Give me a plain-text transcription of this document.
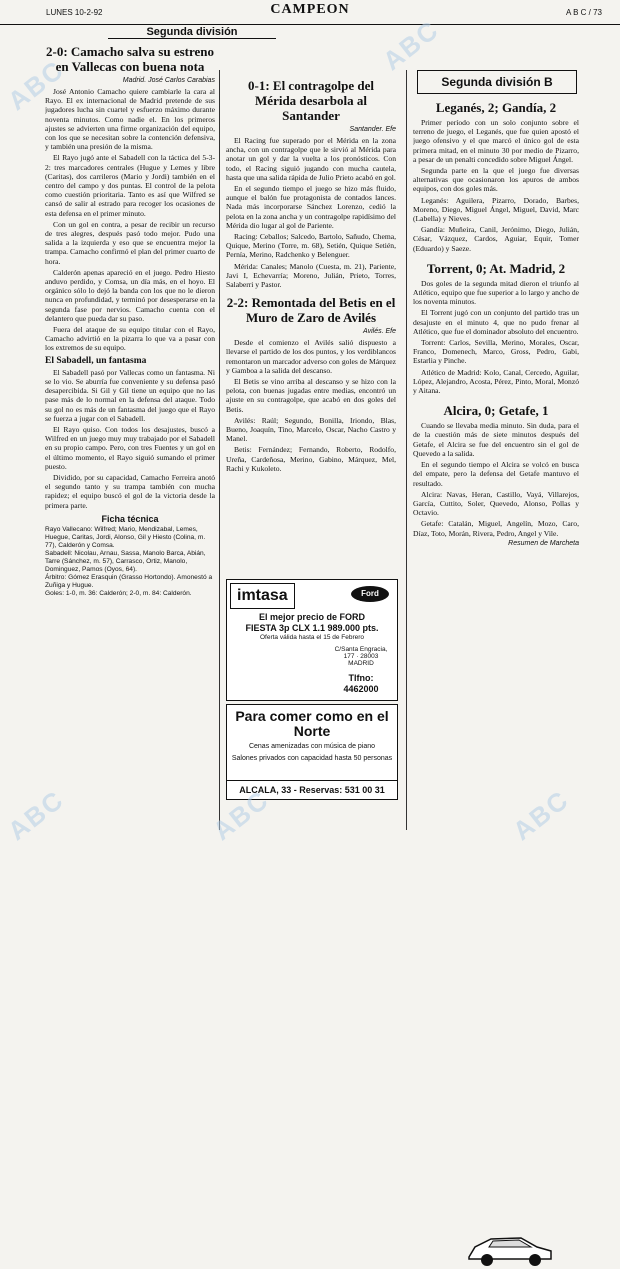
LUNES 10-2-92	CAMPEON	A B C / 73
Segunda división
Segunda división B
2-0: Camacho salva su estreno en Vallecas con buena nota
Madrid. José Carlos Carabias

José Antonio Camacho quiere cambiarle la cara al Rayo. El ex internacional de Madrid pretende de sus jugadores lucha sin cuartel y esfuerzo máximo durante noventa minutos. Como nadie el. En los primeros ajustes se advierten una firme organización del equipo, con los que se necesitan sobre la contención defensiva, y también una presión de la misma.

El Rayo jugó ante el Sabadell con la táctica del 5-3-2: tres marcadores centrales (Hugue y Lemes y libre (Caritas), dos carrileros (Mario y Jordi) también en el centro del campo y dos puntas. El control de la pelota como cuestión prioritaria. Tanto es así que Wilfred se cansó de salir al estrado para recoger los ocasiones de esta defensa en el primer minuto.

Con un gol en contra, a pesar de recibir un recurso de tres alegres, después pasó todo mejor. Pudo una salida a la izquierda y eso que se encuentra mejor la trampa. Camacho confirmó el plan del primer cuarto de hora.

Calderón apenas apareció en el juego. Pedro Hiesto anduvo perdido, y Comsa, un día más, en el hoyo. El orgánico sólo lo dejó la banda con los que no le dieron nunca en profundidad, y terminó por desesperarse en la segunda fase por nervios. Camacho cuenta con el delantero que pueda dar su paso.

Fuera del ataque de su equipo titular con el Rayo, Camacho advirtió en la pizarra lo que va a pasar con los extremos de su equipo.

El Sabadell, un fantasma

El Sabadell pasó por Vallecas como un fantasma. Ni se lo vio. Se aburría fue conveniente y su defensa pasó desapercibida. Si Gil y Gil tiene un equipo que no las pase más de lo normal en la defensa del ataque. Todo su gol no es más de un fantasma del juego que el Rayo se fuerza a jugar con el Sabadell.

El Rayo quiso. Con todos los desajustes, buscó a Wilfred en un juego muy muy trabajado por el Sabadell en su propio campo. Pero, con tres Fuentes y un gol en el último momento, el Rayo siguió sumando el primer puesto.

Dividido, por su capacidad, Camacho Ferreira anotó el segundo tanto y su trampa también con mucha rapidez; el equipo buscó el gol de la victoria desde la primera parte.

Ficha técnica
Rayo Vallecano: Wilfred; Mario, Mendizabal, Lemes, Huegue, Caritas, Jordi, Alonso, Gil y Hiesto (Colina, m. 77), Calderón y Comsa.
Sabadell: Nicolau, Arnau, Sassa, Manolo Barca, Abián, Tarre (Sánchez, m. 57), Carrasco, Ortiz, Manolo, Dominguez, Pamos (Oyos, 64).
Árbitro: Gómez Erasquin (Grasso Hortondo). Amonestó a Zuñiga y Hugue.
Goles: 1-0, m. 36: Calderón; 2-0, m. 84: Calderón.
0-1: El contragolpe del Mérida desarbola al Santander
Santander. Efe

El Racing fue superado por el Mérida en la zona ancha, con un contragolpe que le sirvió al Mérida para anotar un gol y dar la vuelta a los pronósticos. Con todo, el Racing siguió jugando con mucha cautela, hasta que una salida rápida de Julio Prieto acabó en gol.

En el segundo tiempo el juego se hizo más fluido, aunque el balón fue protagonista de contados lances. Nada más incorporarse Sánchez Lorenzo, cedió la pelota en la zona ancha y un contragolpe rapidísimo del Mérida dio lugar al gol de Pariente.

Racing: Ceballos; Salcedo, Bartolo, Sañudo, Chema, Quique, Merino (Torre, m. 68), Setién, Quique Setién, Pernía, Merino, Radchenko y Belenguer.

Mérida: Canales; Manolo (Cuesta, m. 21), Pariente, Javi I, Echevarría; Moreno, Julián, Prieto, Torres, Salaberri y Pastor.

2-2: Remontada del Betis en el Muro de Zaro de Avilés
Avilés. Efe

Desde el comienzo el Avilés salió dispuesto a llevarse el partido de los dos puntos, y los verdiblancos remontaron un marcador adverso con goles de Márquez y Gamboa a la salida del descanso.

El Betis se vino arriba al descanso y se hizo con la pelota, con buenas jugadas entre medias, encontró un ajuste en su contragolpe, que acabó en dos goles del Betis.

Avilés: Raúl; Segundo, Bonilla, Iriondo, Blas, Bueno, Joaquín, Tino, Marcelo, Oscar, Nacho Castro y Manel.

Betis: Fernández; Fernando, Roberto, Rodolfo, Ureña, Cardeñosa, Merino, Gabino, Márquez, Mel, Rachi y Kukoleto.

imtasa	Ford
El mejor precio de FORD
FIESTA 3p CLX 1.1 989.000 pts.
Oferta válida hasta el 15 de Febrero
C/Santa Engracia, 177 · 28003 MADRID
Tlfno: 4462000
Para comer como en el Norte
Cenas amenizadas con música de piano
Salones privados con capacidad hasta 50 personas
ALCALA, 33 - Reservas: 531 00 31
Leganés, 2; Gandía, 2

Primer período con un solo conjunto sobre el terreno de juego, el Leganés, que fue quien apostó el juego ofensivo y el que marcó el único gol de esta primera mitad, en el minuto 30 por medio de Pizarro, a pesar de un penalti concedido sobre Miguel Ángel.

Segunda parte en la que el juego fue diversas alternativas que ocasionaron los apuros de ambos equipos, con dos goles más.

Leganés: Aguilera, Pizarro, Dorado, Barbes, Moreno, Diego, Miguel Ángel, Miguel, David, Marc (Labella) y Nieves.

Gandía: Muñeira, Canil, Jerónimo, Diego, Julián, César, Vázquez, Cardos, Aguiar, Equir, Tomer (Eduardo) y Saeze.

Torrent, 0; At. Madrid, 2

Dos goles de la segunda mitad dieron el triunfo al Atlético, equipo que fue superior a lo largo y ancho de los noventa minutos.

El Torrent jugó con un conjunto del partido tras un desajuste en el minuto 4, que no pudo frenar al Atlético, que fue el dominador absoluto del encuentro.

Torrent: Carlos, Sevilla, Merino, Morales, Oscar, Franco, Domenech, Marco, Gross, Pedro, Gabi, Estarlia y Pinche.

Atlético de Madrid: Kolo, Canal, Cercedo, Aguilar, López, Alejandro, Acosta, Pérez, Pinto, Moral, Monzó y Aitana.

Alcira, 0; Getafe, 1

Cuando se llevaba media minuto. Sin duda, para el de la cuestión más de siete minutos después del Getafe, el Alcira se fue del encuentro sin el gol de Quevedo a la salida.

En el segundo tiempo el Alcira se volcó en busca del empate, pero la defensa del Getafe mantuvo el resultado.

Alcira: Navas, Heran, Castillo, Vayá, Villarejos, García, Cuttito, Soler, Quevedo, Alonso, Pollas y Octavio.

Getafe: Catalán, Miguel, Angelín, Mozo, Caro, Díaz, Toto, Morán, Rivera, Pedro, Angel y Vile.

Resumen de Marcheta
ABC
ABC	ABC
ABC
ABC
